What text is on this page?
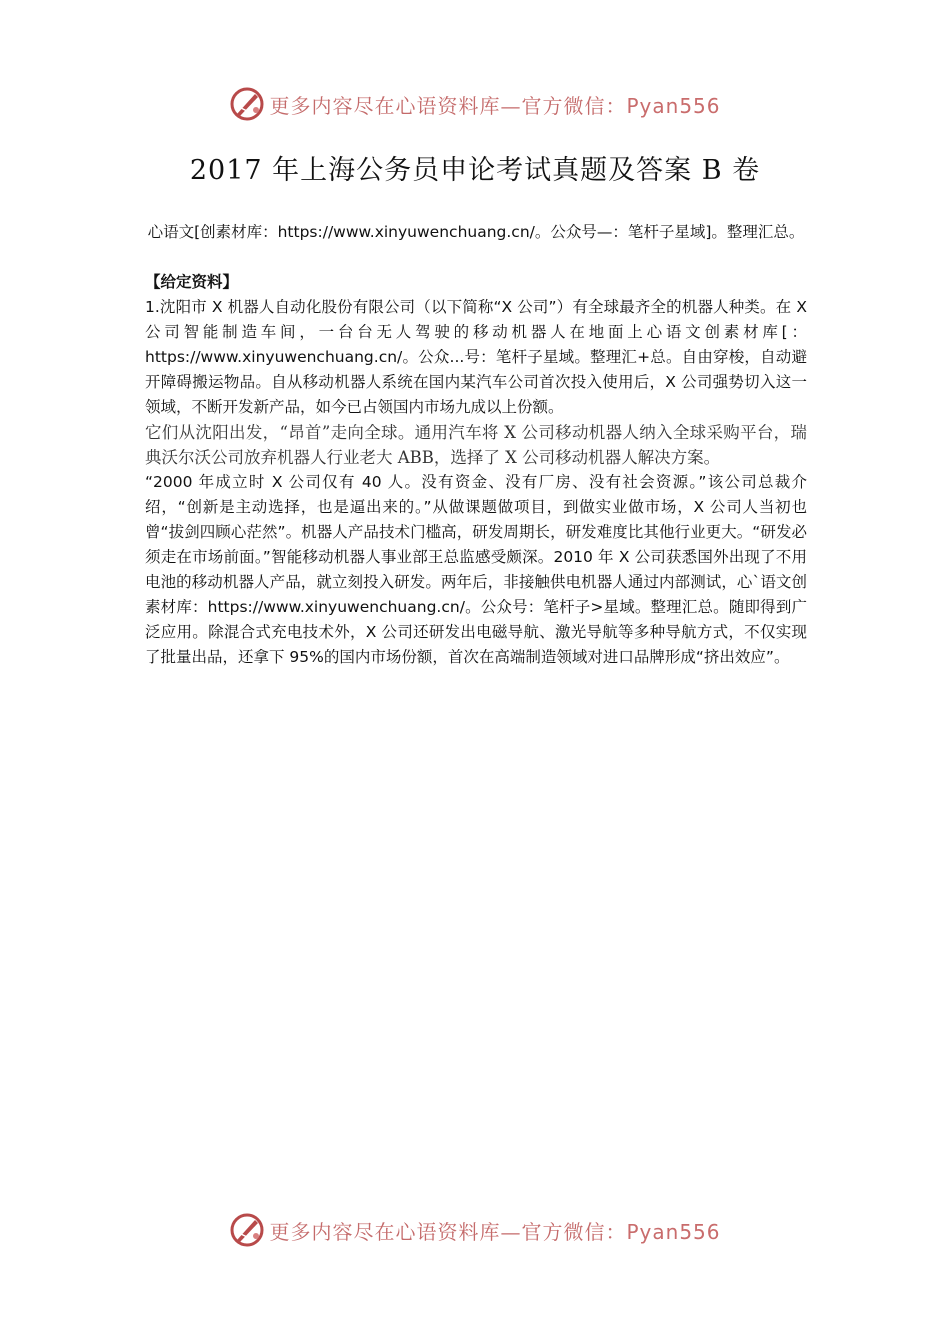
更多内容尽在心语资料库—官方微信：Pyan556
2017 年上海公务员申论考试真题及答案 B 卷
心语文[创素材库：https://www.xinyuwenchuang.cn/。公众号—：笔杆子星域]。整理汇总。

【给定资料】

1.沈阳市 X 机器人自动化股份有限公司（以下简称“X 公司”）有全球最齐全的机器人种类。在 X 公司智能制造车间，一台台无人驾驶的移动机器人在地面上心语文创素材库[：https://www.xinyuwenchuang.cn/。公众...号：笔杆子星域。整理汇+总。自由穿梭，自动避开障碍搬运物品。自从移动机器人系统在国内某汽车公司首次投入使用后，X 公司强势切入这一领域，不断开发新产品，如今已占领国内市场九成以上份额。

它们从沈阳出发，“昂首”走向全球。通用汽车将 X 公司移动机器人纳入全球采购平台，瑞典沃尔沃公司放弃机器人行业老大 ABB，选择了 X 公司移动机器人解决方案。

“2000 年成立时 X 公司仅有 40 人。没有资金、没有厂房、没有社会资源。”该公司总裁介绍，“创新是主动选择，也是逼出来的。”从做课题做项目，到做实业做市场，X 公司人当初也曾“拔剑四顾心茫然”。机器人产品技术门槛高，研发周期长，研发难度比其他行业更大。“研发必须走在市场前面。”智能移动机器人事业部王总监感受颇深。2010 年 X 公司获悉国外出现了不用电池的移动机器人产品，就立刻投入研发。两年后，非接触供电机器人通过内部测试，心`语文创素材库：https://www.xinyuwenchuang.cn/。公众号：笔杆子>星域。整理汇总。随即得到广泛应用。除混合式充电技术外，X 公司还研发出电磁导航、激光导航等多种导航方式，不仅实现了批量出品，还拿下 95%的国内市场份额，首次在高端制造领域对进口品牌形成“挤出效应”。

更多内容尽在心语资料库—官方微信：Pyan556
